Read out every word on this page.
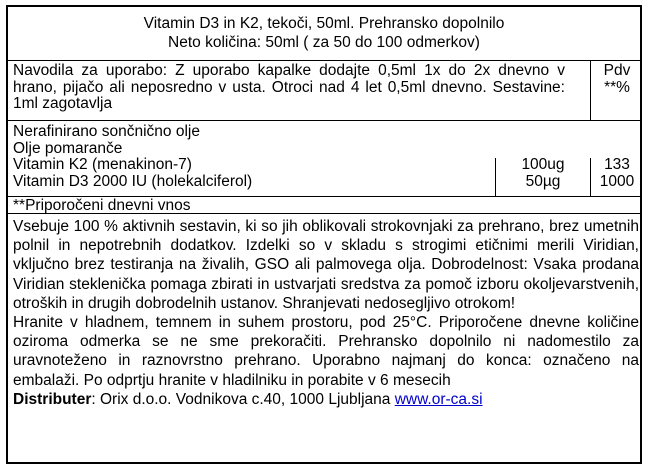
Vitamin D3 in K2, tekoči, 50ml. Prehransko dopolnilo
Neto količina: 50ml ( za 50 do 100 odmerkov)
Navodila za uporabo: Z uporabo kapalke dodajte 0,5ml 1x do 2x dnevno v hrano, pijačo ali neposredno v usta. Otroci nad 4 let 0,5ml dnevno. Sestavine: 1ml zagotavlja
Pdv
**%
Nerafinirano sončnično olje
Olje pomaranče
Vitamin K2 (menakinon-7)
Vitamin D3 2000 IU (holekalciferol)
100ug
50µg
133
1000
**Priporočeni dnevni vnos

Vsebuje 100 % aktivnih sestavin, ki so jih oblikovali strokovnjaki za prehrano, brez umetnih polnil in nepotrebnih dodatkov. Izdelki so v skladu s strogimi etičnimi merili Viridian, vključno brez testiranja na živalih, GSO ali palmovega olja. Dobrodelnost: Vsaka prodana Viridian steklenička pomaga zbirati in ustvarjati sredstva za pomoč izboru okoljevarstvenih, otroških in drugih dobrodelnih ustanov. Shranjevati nedosegljivo otrokom!

Hranite v hladnem, temnem in suhem prostoru, pod 25°C. Priporočene dnevne količine oziroma odmerka se ne sme prekoračiti. Prehransko dopolnilo ni nadomestilo za uravnoteženo in raznovrstno prehrano. Uporabno najmanj do konca: označeno na embalaži. Po odprtju hranite v hladilniku in porabite v 6 mesecih

Distributer: Orix d.o.o. Vodnikova c.40, 1000 Ljubljana www.or-ca.si
